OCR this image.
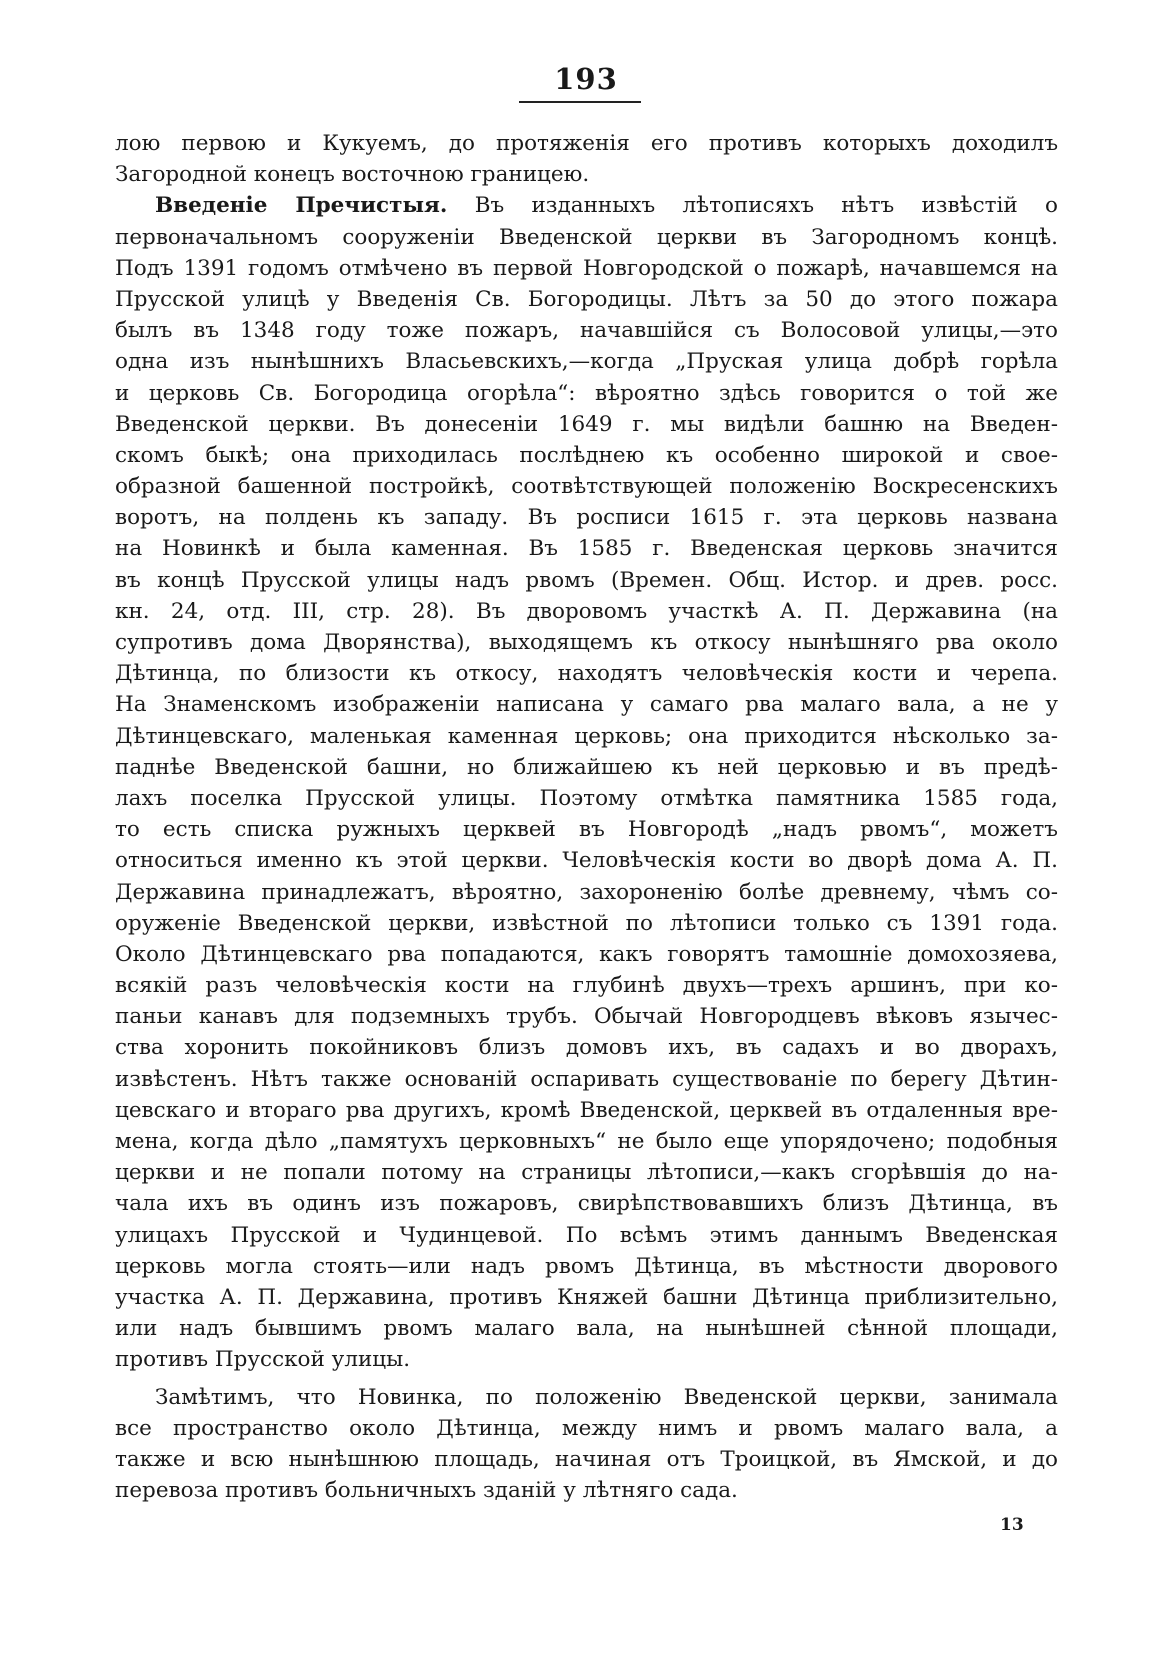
193
лою первою и Кукуемъ, до протяженія его противъ которыхъ доходилъ
Загородной конецъ восточною границею.
Введеніе Пречистыя. Въ изданныхъ лѣтописяхъ нѣтъ извѣстій о
первоначальномъ сооруженіи Введенской церкви въ Загородномъ концѣ.
Подъ 1391 годомъ отмѣчено въ первой Новгородской о пожарѣ, начавшемся на
Прусской улицѣ у Введенія Св. Богородицы. Лѣтъ за 50 до этого пожара
былъ въ 1348 году тоже пожаръ, начавшійся съ Волосовой улицы,—это
одна изъ нынѣшнихъ Власьевскихъ,—когда „Пруская улица добрѣ горѣла
и церковь Св. Богородица огорѣла“: вѣроятно здѣсь говорится о той же
Введенской церкви. Въ донесеніи 1649 г. мы видѣли башню на Введен-
скомъ быкѣ; она приходилась послѣднею къ особенно широкой и свое-
образной башенной постройкѣ, соотвѣтствующей положенію Воскресенскихъ
воротъ, на полдень къ западу. Въ росписи 1615 г. эта церковь названа
на Новинкѣ и была каменная. Въ 1585 г. Введенская церковь значится
въ концѣ Прусской улицы надъ рвомъ (Времен. Общ. Истор. и древ. росс.
кн. 24, отд. III, стр. 28). Въ дворовомъ участкѣ А. П. Державина (на
супротивъ дома Дворянства), выходящемъ къ откосу нынѣшняго рва около
Дѣтинца, по близости къ откосу, находятъ человѣческія кости и черепа.
На Знаменскомъ изображеніи написана у самаго рва малаго вала, а не у
Дѣтинцевскаго, маленькая каменная церковь; она приходится нѣсколько за-
паднѣе Введенской башни, но ближайшею къ ней церковью и въ предѣ-
лахъ поселка Прусской улицы. Поэтому отмѣтка памятника 1585 года,
то есть списка ружныхъ церквей въ Новгородѣ „надъ рвомъ“, можетъ
относиться именно къ этой церкви. Человѣческія кости во дворѣ дома А. П.
Державина принадлежатъ, вѣроятно, захороненію болѣе древнему, чѣмъ со-
оруженіе Введенской церкви, извѣстной по лѣтописи только съ 1391 года.
Около Дѣтинцевскаго рва попадаются, какъ говорятъ тамошніе домохозяева,
всякій разъ человѣческія кости на глубинѣ двухъ—трехъ аршинъ, при ко-
паньи канавъ для подземныхъ трубъ. Обычай Новгородцевъ вѣковъ язычес-
ства хоронить покойниковъ близъ домовъ ихъ, въ садахъ и во дворахъ,
извѣстенъ. Нѣтъ также основаній оспаривать существованіе по берегу Дѣтин-
цевскаго и втораго рва другихъ, кромѣ Введенской, церквей въ отдаленныя вре-
мена, когда дѣло „памятухъ церковныхъ“ не было еще упорядочено; подобныя
церкви и не попали потому на страницы лѣтописи,—какъ сгорѣвшія до на-
чала ихъ въ одинъ изъ пожаровъ, свирѣпствовавшихъ близъ Дѣтинца, въ
улицахъ Прусской и Чудинцевой. По всѣмъ этимъ даннымъ Введенская
церковь могла стоять—или надъ рвомъ Дѣтинца, въ мѣстности дворового
участка А. П. Державина, противъ Княжей башни Дѣтинца приблизительно,
или надъ бывшимъ рвомъ малаго вала, на нынѣшней сѣнной площади,
противъ Прусской улицы.
Замѣтимъ, что Новинка, по положенію Введенской церкви, занимала
все пространство около Дѣтинца, между нимъ и рвомъ малаго вала, а
также и всю нынѣшнюю площадь, начиная отъ Троицкой, въ Ямской, и до
перевоза противъ больничныхъ зданій у лѣтняго сада.
13
